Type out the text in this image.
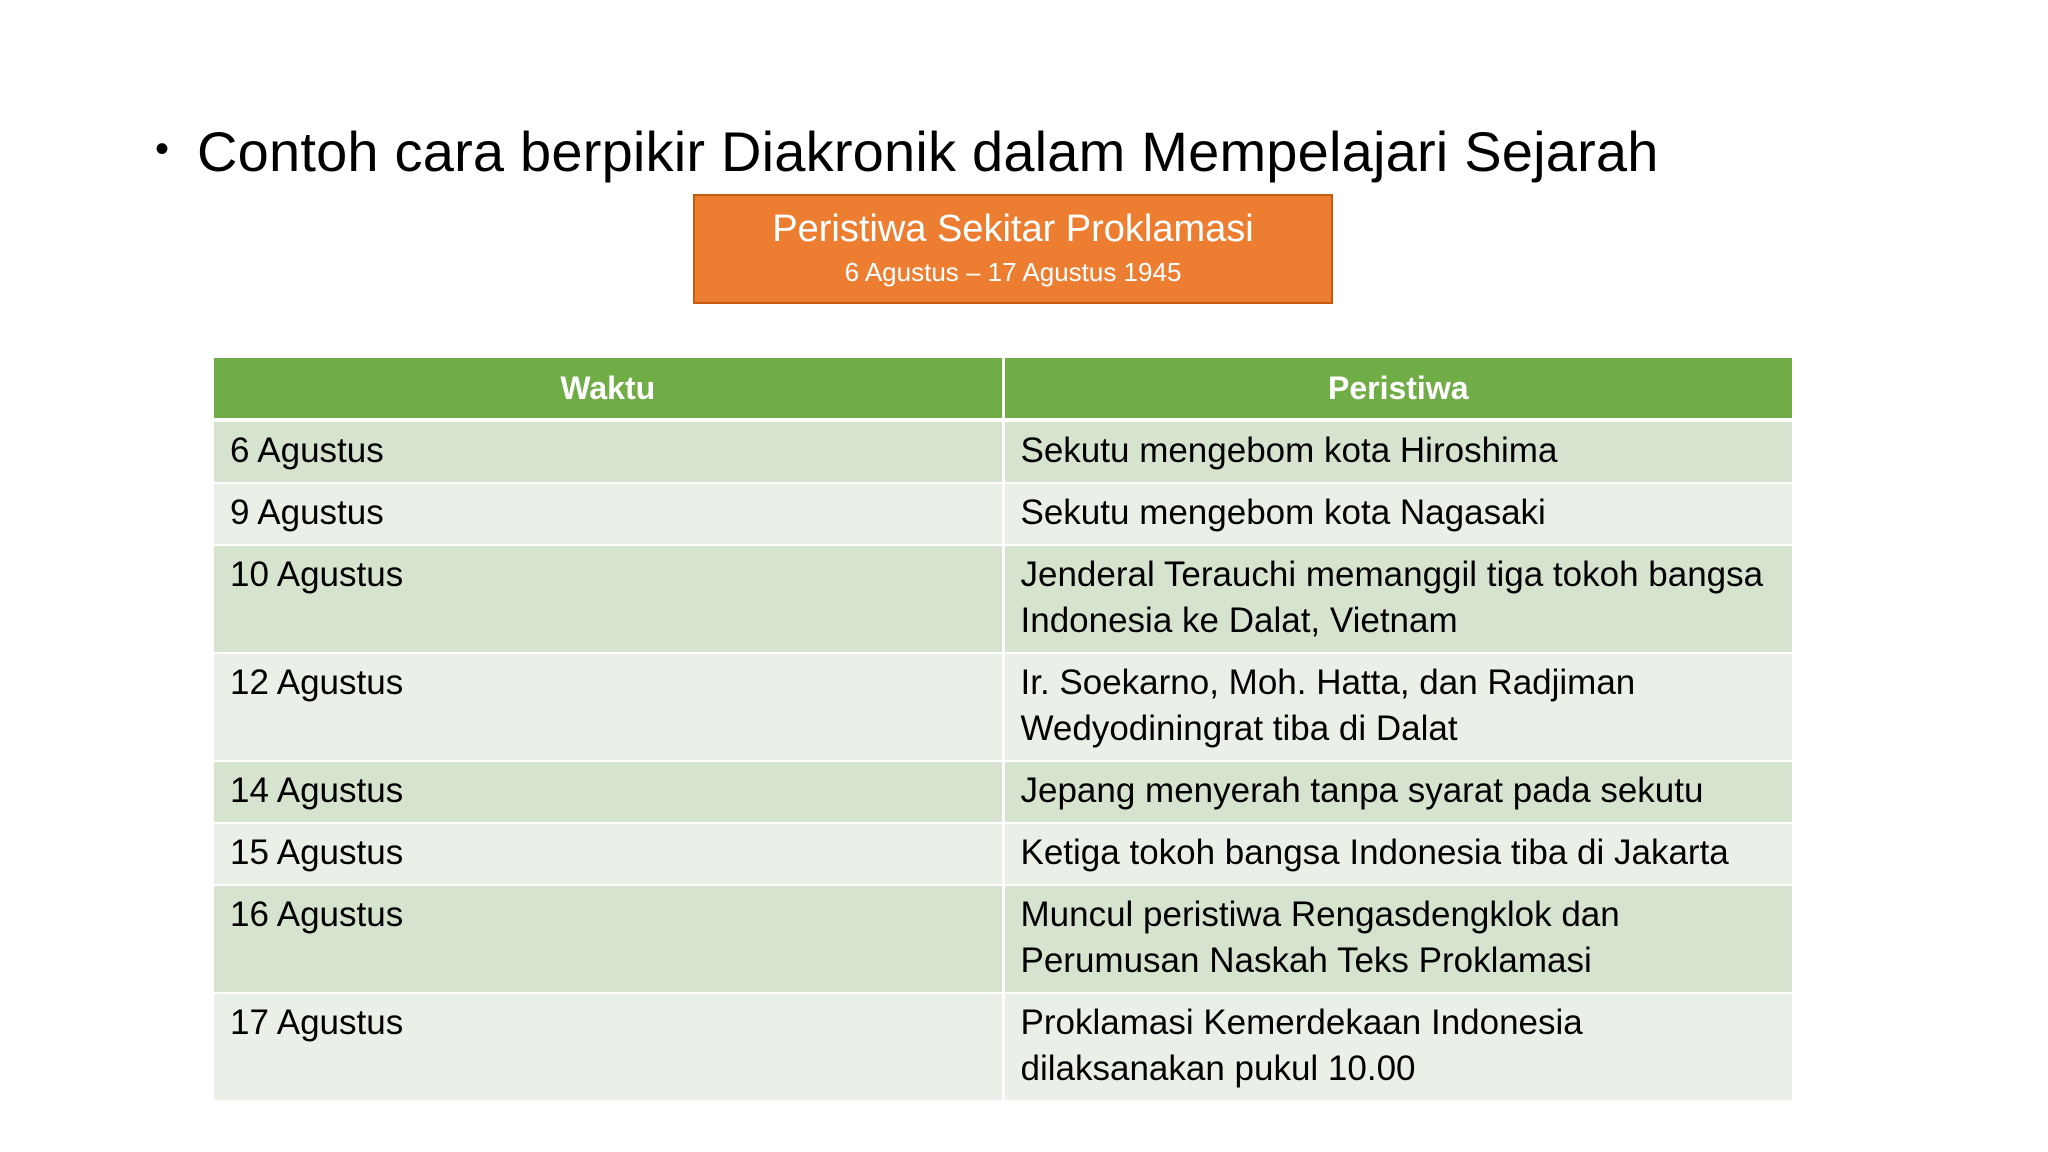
• Contoh cara berpikir Diakronik dalam Mempelajari Sejarah
Peristiwa Sekitar Proklamasi
6 Agustus – 17 Agustus 1945
Waktu	Peristiwa
6 Agustus	Sekutu mengebom kota Hiroshima
9 Agustus	Sekutu mengebom kota Nagasaki
10 Agustus	Jenderal Terauchi memanggil tiga tokoh bangsa Indonesia ke Dalat, Vietnam
12 Agustus	Ir. Soekarno, Moh. Hatta, dan Radjiman Wedyodiningrat tiba di Dalat
14 Agustus	Jepang menyerah tanpa syarat pada sekutu
15 Agustus	Ketiga tokoh bangsa Indonesia tiba di Jakarta
16 Agustus	Muncul peristiwa Rengasdengklok dan Perumusan Naskah Teks Proklamasi
17 Agustus	Proklamasi Kemerdekaan Indonesia dilaksanakan pukul 10.00
